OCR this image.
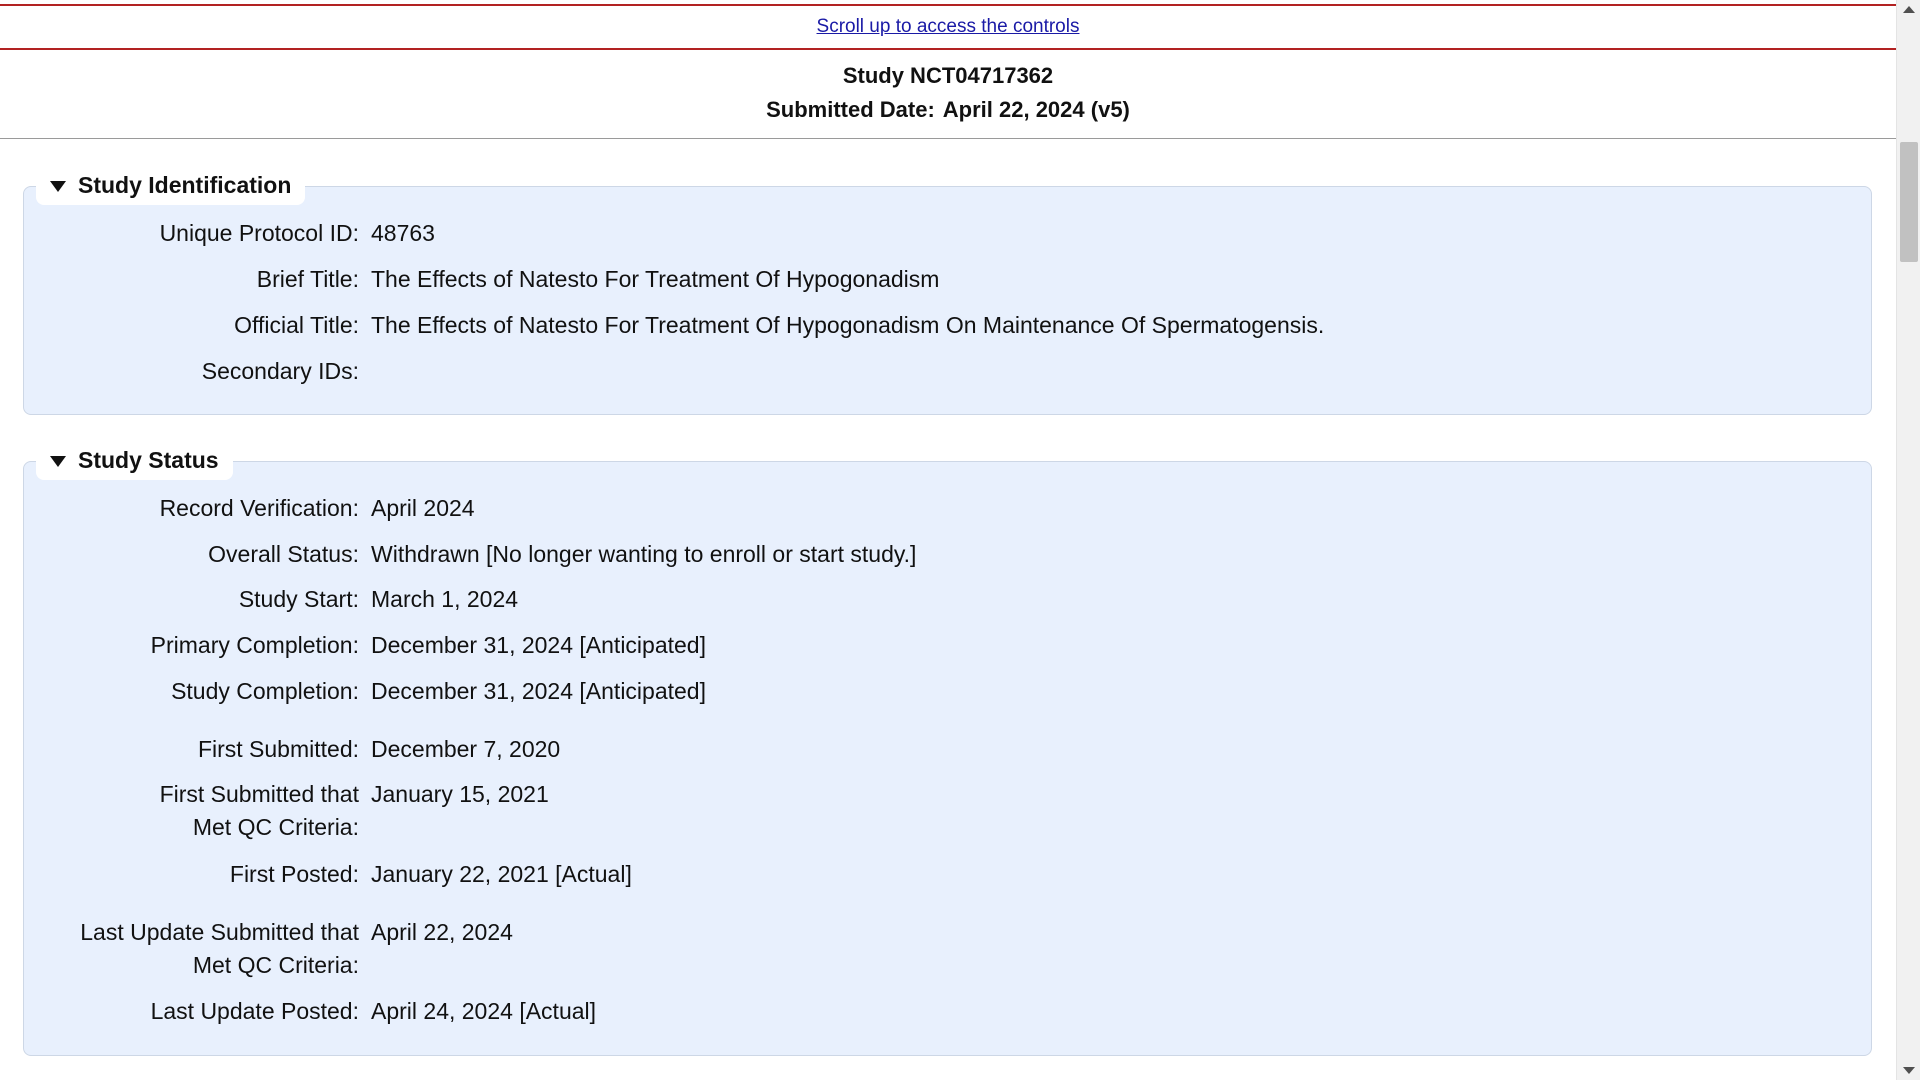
Scroll up to access the controls
Study NCT04717362
Submitted Date: April 22, 2024 (v5)
Study Identification
Unique Protocol ID: 48763
Brief Title: The Effects of Natesto For Treatment Of Hypogonadism
Official Title: The Effects of Natesto For Treatment Of Hypogonadism On Maintenance Of Spermatogensis.
Secondary IDs:
Study Status
Record Verification: April 2024
Overall Status: Withdrawn [No longer wanting to enroll or start study.]
Study Start: March 1, 2024
Primary Completion: December 31, 2024 [Anticipated]
Study Completion: December 31, 2024 [Anticipated]
First Submitted: December 7, 2020
First Submitted that
Met QC Criteria:
January 15, 2021
First Posted: January 22, 2021 [Actual]
Last Update Submitted that
Met QC Criteria:
April 22, 2024
Last Update Posted: April 24, 2024 [Actual]
